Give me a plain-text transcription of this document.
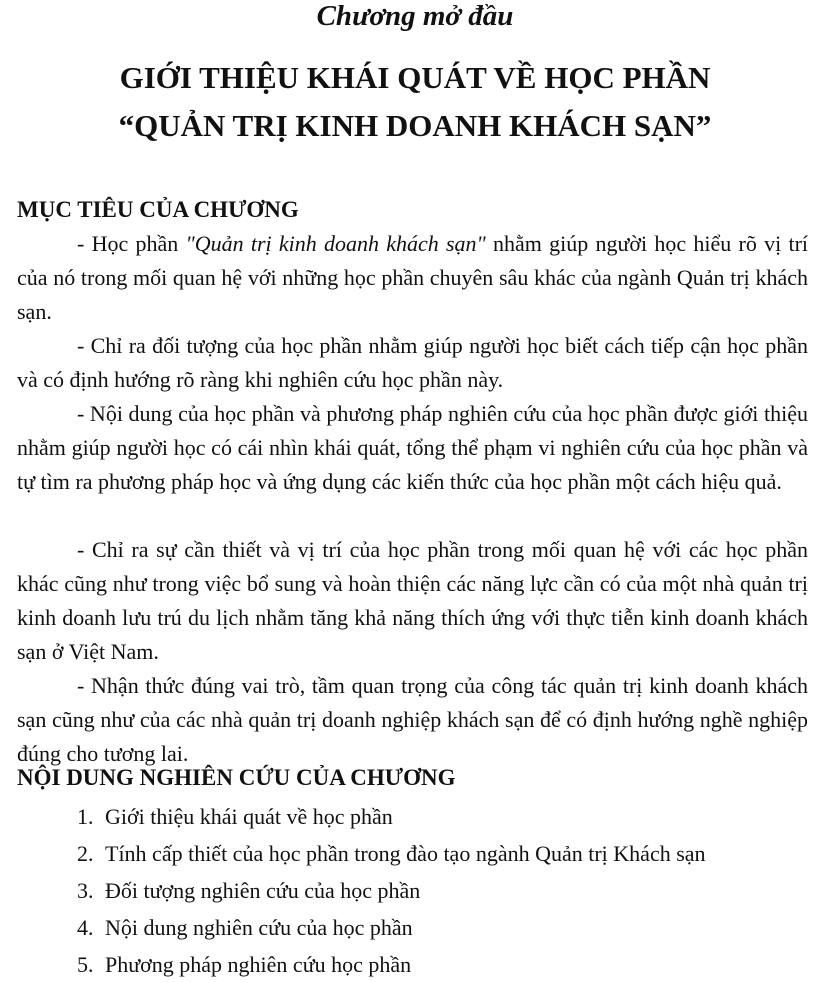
Chương mở đầu
GIỚI THIỆU KHÁI QUÁT VỀ HỌC PHẦN
“QUẢN TRỊ KINH DOANH KHÁCH SẠN”
MỤC TIÊU CỦA CHƯƠNG

- Học phần "Quản trị kinh doanh khách sạn" nhằm giúp người học hiểu rõ vị trí của nó trong mối quan hệ với những học phần chuyên sâu khác của ngành Quản trị khách sạn.

- Chỉ ra đối tượng của học phần nhằm giúp người học biết cách tiếp cận học phần và có định hướng rõ ràng khi nghiên cứu học phần này.

- Nội dung của học phần và phương pháp nghiên cứu của học phần được giới thiệu nhằm giúp người học có cái nhìn khái quát, tổng thể phạm vi nghiên cứu của học phần và tự tìm ra phương pháp học và ứng dụng các kiến thức của học phần một cách hiệu quả.

- Chỉ ra sự cần thiết và vị trí của học phần trong mối quan hệ với các học phần khác cũng như trong việc bổ sung và hoàn thiện các năng lực cần có của một nhà quản trị kinh doanh lưu trú du lịch nhằm tăng khả năng thích ứng với thực tiễn kinh doanh khách sạn ở Việt Nam.

- Nhận thức đúng vai trò, tầm quan trọng của công tác quản trị kinh doanh khách sạn cũng như của các nhà quản trị doanh nghiệp khách sạn để có định hướng nghề nghiệp đúng cho tương lai.

NỘI DUNG NGHIÊN CỨU CỦA CHƯƠNG
1. Giới thiệu khái quát về học phần
2. Tính cấp thiết của học phần trong đào tạo ngành Quản trị Khách sạn
3. Đối tượng nghiên cứu của học phần
4. Nội dung nghiên cứu của học phần
5. Phương pháp nghiên cứu học phần
